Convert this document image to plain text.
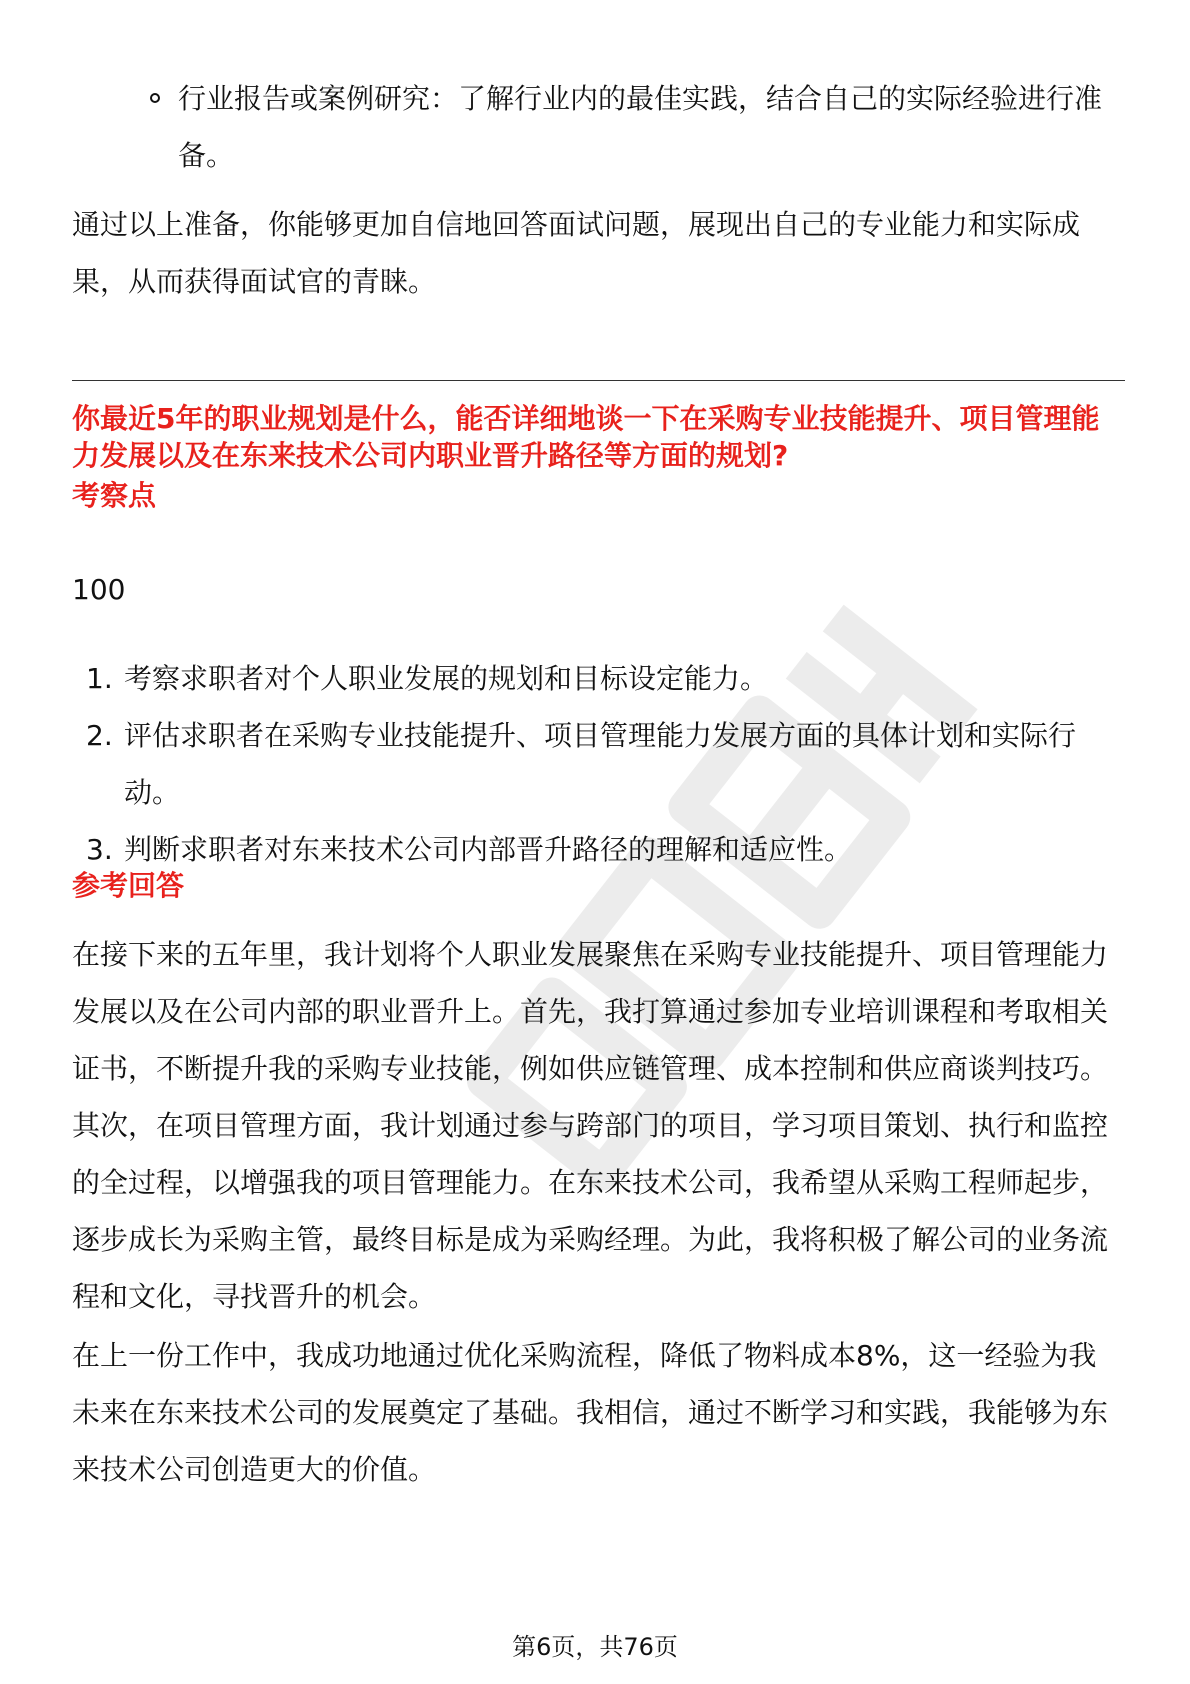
行业报告或案例研究：了解行业内的最佳实践，结合自己的实际经验进行准备。

通过以上准备，你能够更加自信地回答面试问题，展现出自己的专业能力和实际成果，从而获得面试官的青睐。

你最近5年的职业规划是什么，能否详细地谈一下在采购专业技能提升、项目管理能力发展以及在东来技术公司内职业晋升路径等方面的规划?
考察点
100
1. 考察求职者对个人职业发展的规划和目标设定能力。
2. 评估求职者在采购专业技能提升、项目管理能力发展方面的具体计划和实际行动。
3. 判断求职者对东来技术公司内部晋升路径的理解和适应性。
参考回答

在接下来的五年里，我计划将个人职业发展聚焦在采购专业技能提升、项目管理能力发展以及在公司内部的职业晋升上。首先，我打算通过参加专业培训课程和考取相关证书，不断提升我的采购专业技能，例如供应链管理、成本控制和供应商谈判技巧。其次，在项目管理方面，我计划通过参与跨部门的项目，学习项目策划、执行和监控的全过程，以增强我的项目管理能力。在东来技术公司，我希望从采购工程师起步，逐步成长为采购主管，最终目标是成为采购经理。为此，我将积极了解公司的业务流程和文化，寻找晋升的机会。

在上一份工作中，我成功地通过优化采购流程，降低了物料成本8%，这一经验为我未来在东来技术公司的发展奠定了基础。我相信，通过不断学习和实践，我能够为东来技术公司创造更大的价值。

第6页，共76页
